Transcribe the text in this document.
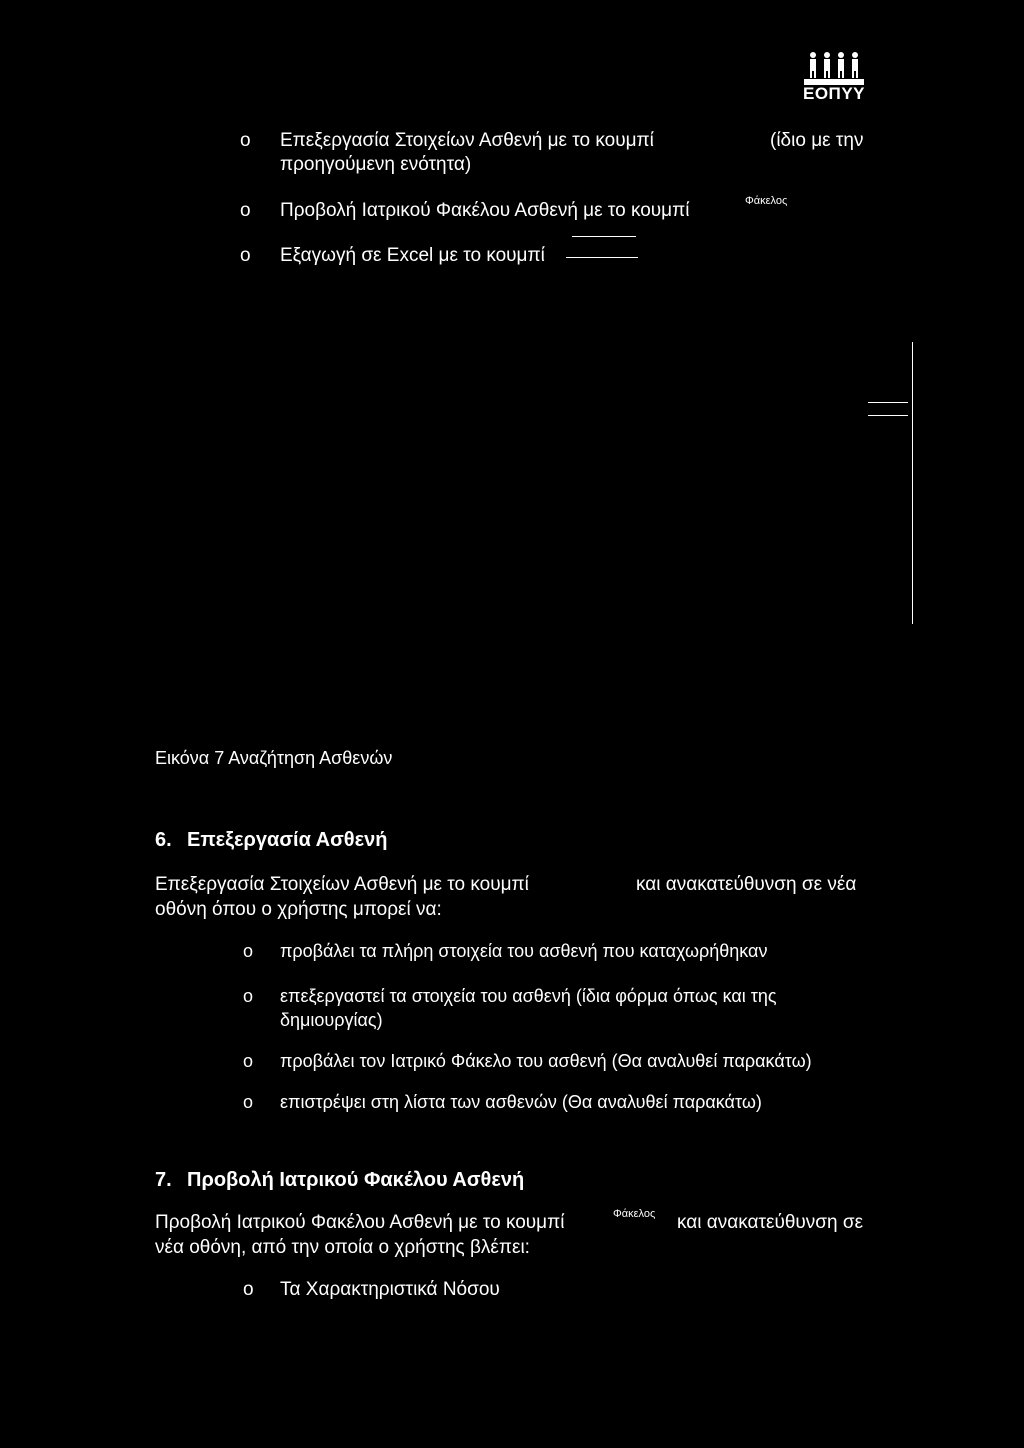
ΕΟΠΥΥ
o Επεξεργασία Στοιχείων Ασθενή με το κουμπί	(ίδιο με την
προηγούμενη ενότητα)
o Προβολή Ιατρικού Φακέλου Ασθενή με το κουμπί	Φάκελος
o Εξαγωγή σε Excel με το κουμπί
Εικόνα 7 Αναζήτηση Ασθενών
6. Επεξεργασία Ασθενή
Επεξεργασία Στοιχείων Ασθενή με το κουμπί	και ανακατεύθυνση σε νέα
οθόνη όπου ο χρήστης μπορεί να:
o προβάλει τα πλήρη στοιχεία του ασθενή που καταχωρήθηκαν
o επεξεργαστεί τα στοιχεία του ασθενή (ίδια φόρμα όπως και της
δημιουργίας)
o προβάλει τον Ιατρικό Φάκελο του ασθενή (Θα αναλυθεί παρακάτω)
o επιστρέψει στη λίστα των ασθενών (Θα αναλυθεί παρακάτω)
7. Προβολή Ιατρικού Φακέλου Ασθενή
Προβολή Ιατρικού Φακέλου Ασθενή με το κουμπί	Φάκελος και ανακατεύθυνση σε
νέα οθόνη, από την οποία ο χρήστης βλέπει:
o Τα Χαρακτηριστικά Νόσου
